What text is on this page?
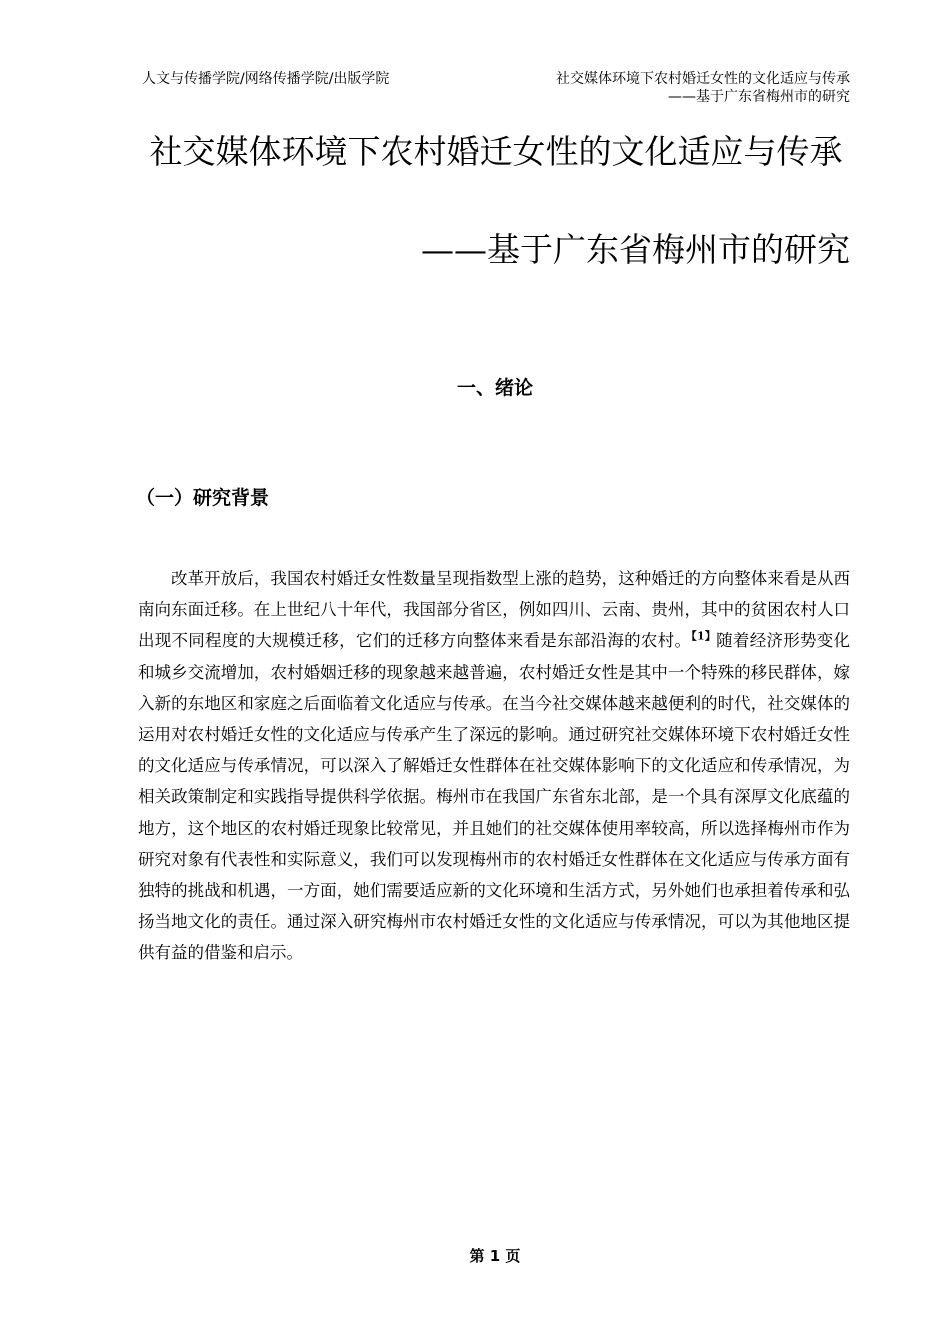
人文与传播学院/网络传播学院/出版学院	社交媒体环境下农村婚迁女性的文化适应与传承
——基于广东省梅州市的研究
社交媒体环境下农村婚迁女性的文化适应与传承
——基于广东省梅州市的研究
一、绪论
（一）研究背景

改革开放后，我国农村婚迁女性数量呈现指数型上涨的趋势，这种婚迁的方向整体来看是从西南向东面迁移。在上世纪八十年代，我国部分省区，例如四川、云南、贵州，其中的贫困农村人口出现不同程度的大规模迁移，它们的迁移方向整体来看是东部沿海的农村。$^{【1】}$随着经济形势变化和城乡交流增加，农村婚姻迁移的现象越来越普遍，农村婚迁女性是其中一个特殊的移民群体，嫁入新的东地区和家庭之后面临着文化适应与传承。在当今社交媒体越来越便利的时代，社交媒体的运用对农村婚迁女性的文化适应与传承产生了深远的影响。通过研究社交媒体环境下农村婚迁女性的文化适应与传承情况，可以深入了解婚迁女性群体在社交媒体影响下的文化适应和传承情况，为相关政策制定和实践指导提供科学依据。梅州市在我国广东省东北部，是一个具有深厚文化底蕴的地方，这个地区的农村婚迁现象比较常见，并且她们的社交媒体使用率较高，所以选择梅州市作为研究对象有代表性和实际意义，我们可以发现梅州市的农村婚迁女性群体在文化适应与传承方面有独特的挑战和机遇，一方面，她们需要适应新的文化环境和生活方式，另外她们也承担着传承和弘扬当地文化的责任。通过深入研究梅州市农村婚迁女性的文化适应与传承情况，可以为其他地区提供有益的借鉴和启示。

第 1 页
